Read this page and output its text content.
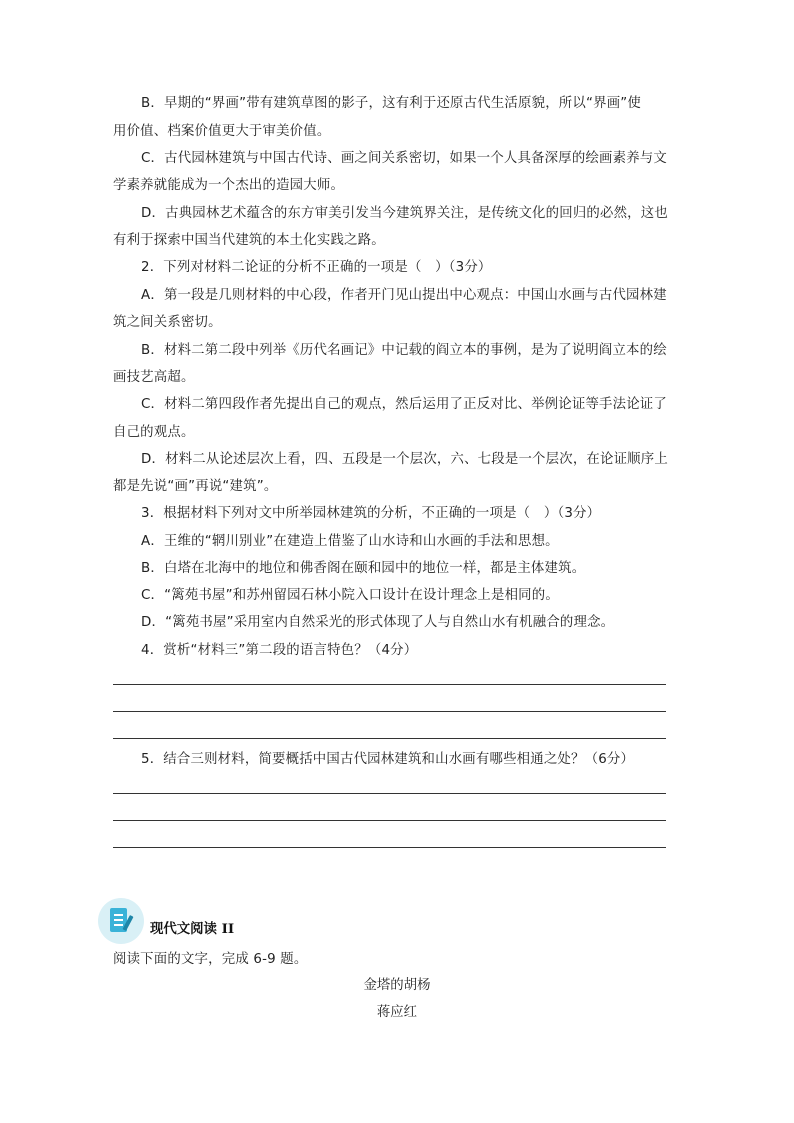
B．早期的“界画”带有建筑草图的影子，这有利于还原古代生活原貌，所以“界画”使
用价值、档案价值更大于审美价值。
C．古代园林建筑与中国古代诗、画之间关系密切，如果一个人具备深厚的绘画素养与文
学素养就能成为一个杰出的造园大师。
D．古典园林艺术蕴含的东方审美引发当今建筑界关注，是传统文化的回归的必然，这也
有利于探索中国当代建筑的本土化实践之路。
2．下列对材料二论证的分析不正确的一项是（　）（3分）
A．第一段是几则材料的中心段，作者开门见山提出中心观点：中国山水画与古代园林建
筑之间关系密切。
B．材料二第二段中列举《历代名画记》中记载的阎立本的事例，是为了说明阎立本的绘
画技艺高超。
C．材料二第四段作者先提出自己的观点，然后运用了正反对比、举例论证等手法论证了
自己的观点。
D．材料二从论述层次上看，四、五段是一个层次，六、七段是一个层次，在论证顺序上
都是先说“画”再说“建筑”。
3．根据材料下列对文中所举园林建筑的分析，不正确的一项是（　）（3分）
A．王维的“辋川别业”在建造上借鉴了山水诗和山水画的手法和思想。
B．白塔在北海中的地位和佛香阁在颐和园中的地位一样，都是主体建筑。
C．“篱苑书屋”和苏州留园石林小院入口设计在设计理念上是相同的。
D．“篱苑书屋”采用室内自然采光的形式体现了人与自然山水有机融合的理念。
4．赏析“材料三”第二段的语言特色？（4分）
5．结合三则材料，简要概括中国古代园林建筑和山水画有哪些相通之处？（6分）
现代文阅读 II
阅读下面的文字，完成 6-9 题。
金塔的胡杨
蒋应红
